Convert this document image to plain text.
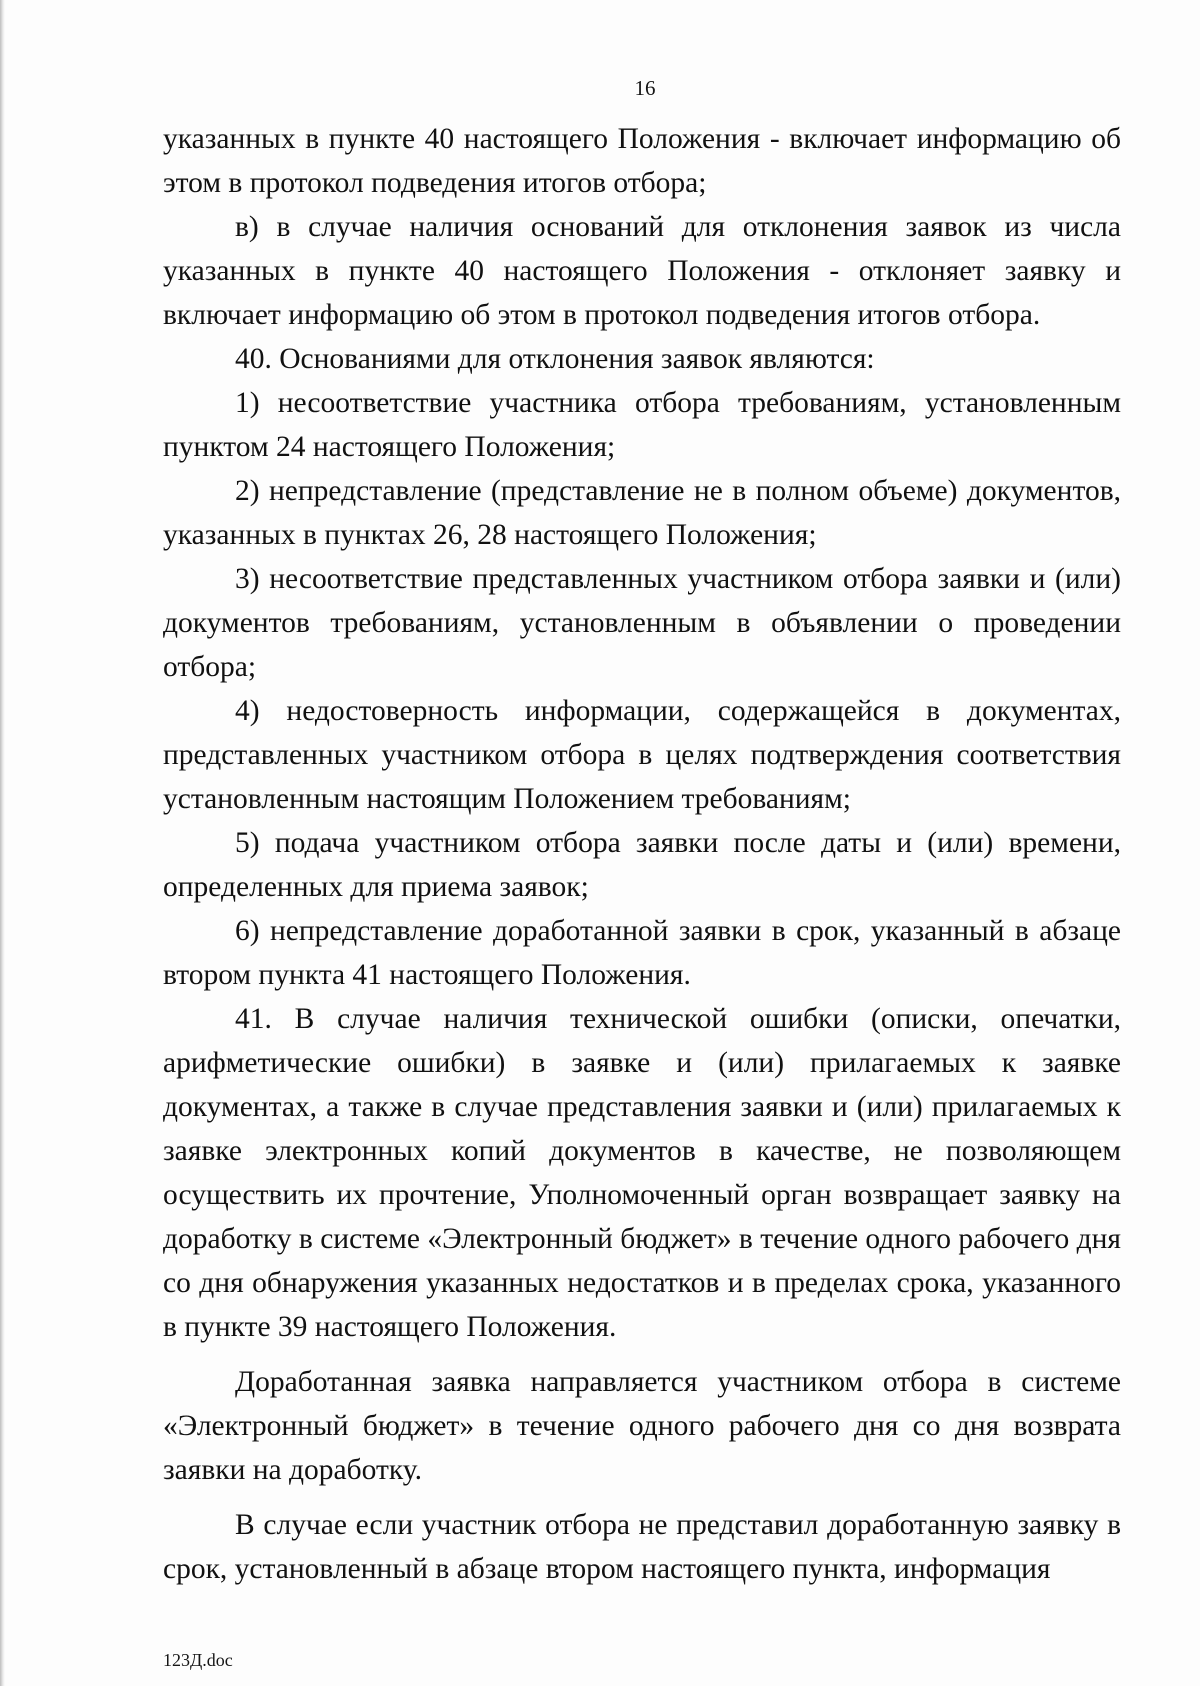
16

указанных в пункте 40 настоящего Положения - включает информацию об этом в протокол подведения итогов отбора;

в) в случае наличия оснований для отклонения заявок из числа указанных в пункте 40 настоящего Положения - отклоняет заявку и включает информацию об этом в протокол подведения итогов отбора.

40. Основаниями для отклонения заявок являются:

1) несоответствие участника отбора требованиям, установленным пунктом 24 настоящего Положения;

2) непредставление (представление не в полном объеме) документов, указанных в пунктах 26, 28 настоящего Положения;

3) несоответствие представленных участником отбора заявки и (или) документов требованиям, установленным в объявлении о проведении отбора;

4) недостоверность информации, содержащейся в документах, представленных участником отбора в целях подтверждения соответствия установленным настоящим Положением требованиям;

5) подача участником отбора заявки после даты и (или) времени, определенных для приема заявок;

6) непредставление доработанной заявки в срок, указанный в абзаце втором пункта 41 настоящего Положения.

41. В случае наличия технической ошибки (описки, опечатки, арифметические ошибки) в заявке и (или) прилагаемых к заявке документах, а также в случае представления заявки и (или) прилагаемых к заявке электронных копий документов в качестве, не позволяющем осуществить их прочтение, Уполномоченный орган возвращает заявку на доработку в системе «Электронный бюджет» в течение одного рабочего дня со дня обнаружения указанных недостатков и в пределах срока, указанного в пункте 39 настоящего Положения.

Доработанная заявка направляется участником отбора в системе «Электронный бюджет» в течение одного рабочего дня со дня возврата заявки на доработку.

В случае если участник отбора не представил доработанную заявку в срок, установленный в абзаце втором настоящего пункта, информация

123Д.doc
